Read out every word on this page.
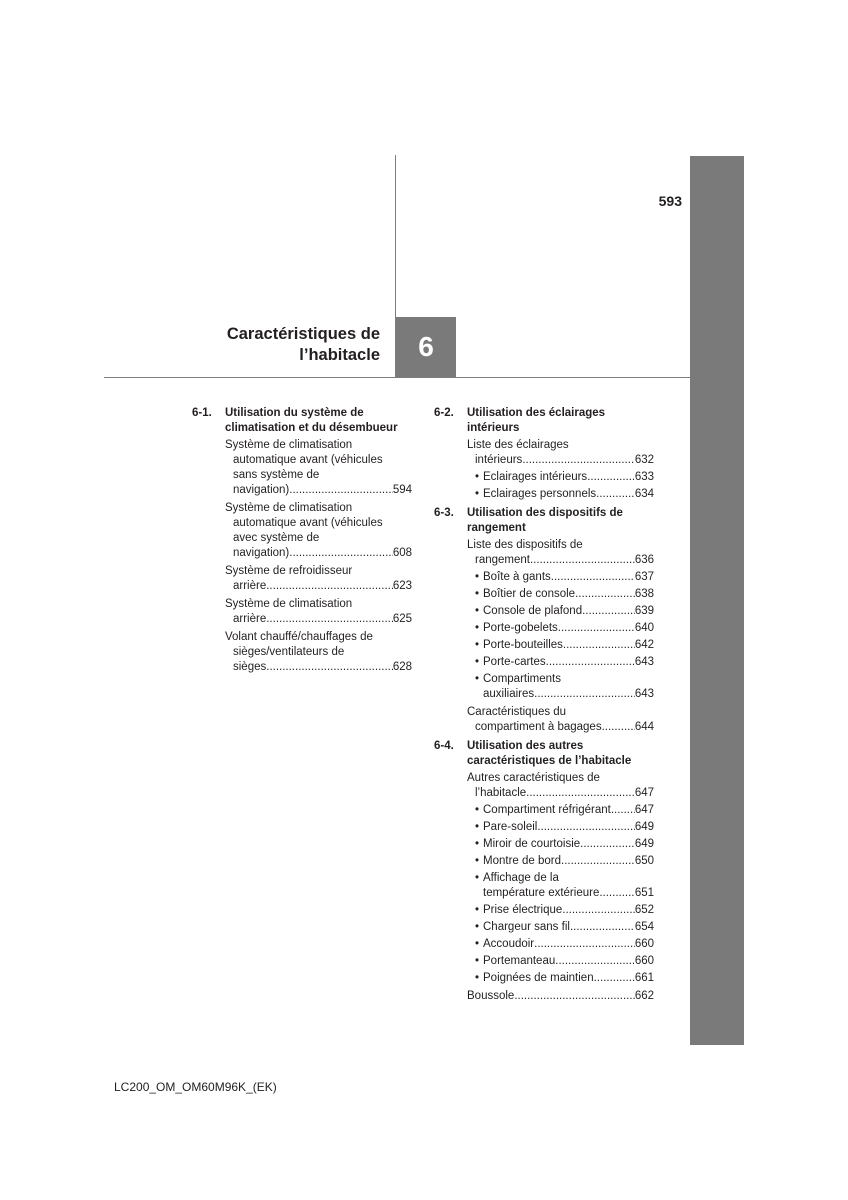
593
Caractéristiques de
l’habitacle 6
6-1. Utilisation du système de
climatisation et du désembueur
Système de climatisation
automatique avant (véhicules
sans système de
navigation) .....	594
Système de climatisation
automatique avant (véhicules
avec système de
navigation) .....	608
Système de refroidisseur
arrière .....	623
Système de climatisation
arrière .....	625
Volant chauffé/chauffages de
sièges/ventilateurs de
sièges .....	628
6-2. Utilisation des éclairages
intérieurs
Liste des éclairages
intérieurs .....	632
• Eclairages intérieurs .....	633
• Eclairages personnels .....	634
6-3. Utilisation des dispositifs de
rangement
Liste des dispositifs de
rangement .....	636
• Boîte à gants .....	637
• Boîtier de console .....	638
• Console de plafond .....	639
• Porte-gobelets .....	640
• Porte-bouteilles .....	642
• Porte-cartes .....	643
• Compartiments
auxiliaires .....	643
Caractéristiques du
compartiment à bagages .....	644
6-4. Utilisation des autres
caractéristiques de l’habitacle
Autres caractéristiques de
l’habitacle .....	647
• Compartiment réfrigérant ..... 647
• Pare-soleil .....	649
• Miroir de courtoisie .....	649
• Montre de bord .....	650
• Affichage de la
température extérieure .....	651
• Prise électrique .....	652
• Chargeur sans fil .....	654
• Accoudoir .....	660
• Portemanteau .....	660
• Poignées de maintien .....	661
Boussole .....	662
LC200_OM_OM60M96K_(EK)
